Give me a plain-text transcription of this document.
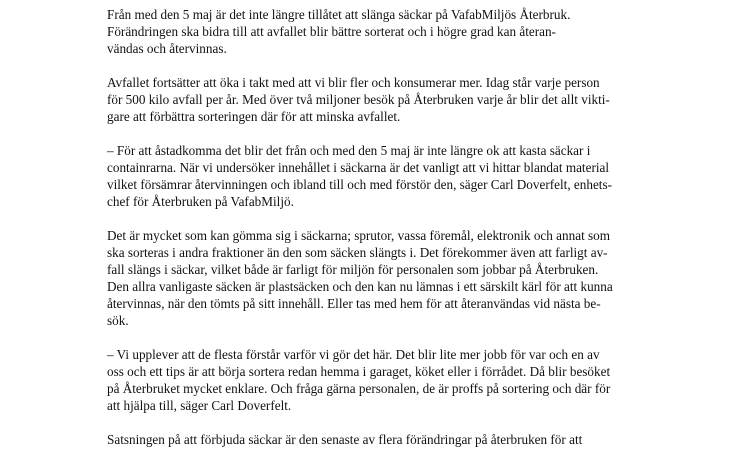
Från med den 5 maj är det inte längre tillåtet att slänga säckar på VafabMiljös Återbruk.
Förändringen ska bidra till att avfallet blir bättre sorterat och i högre grad kan återan-
vändas och återvinnas.

Avfallet fortsätter att öka i takt med att vi blir fler och konsumerar mer. Idag står varje person
för 500 kilo avfall per år. Med över två miljoner besök på Återbruken varje år blir det allt vikti-
gare att förbättra sorteringen där för att minska avfallet.

– För att åstadkomma det blir det från och med den 5 maj är inte längre ok att kasta säckar i
containrarna. När vi undersöker innehållet i säckarna är det vanligt att vi hittar blandat material
vilket försämrar återvinningen och ibland till och med förstör den, säger Carl Doverfelt, enhets-
chef för Återbruken på VafabMiljö.

Det är mycket som kan gömma sig i säckarna; sprutor, vassa föremål, elektronik och annat som
ska sorteras i andra fraktioner än den som säcken slängts i. Det förekommer även att farligt av-
fall slängs i säckar, vilket både är farligt för miljön för personalen som jobbar på Återbruken.
Den allra vanligaste säcken är plastsäcken och den kan nu lämnas i ett särskilt kärl för att kunna
återvinnas, när den tömts på sitt innehåll. Eller tas med hem för att återanvändas vid nästa be-
sök.

– Vi upplever att de flesta förstår varför vi gör det här. Det blir lite mer jobb för var och en av
oss och ett tips är att börja sortera redan hemma i garaget, köket eller i förrådet. Då blir besöket
på Återbruket mycket enklare. Och fråga gärna personalen, de är proffs på sortering och där för
att hjälpa till, säger Carl Doverfelt.

Satsningen på att förbjuda säckar är den senaste av flera förändringar på återbruken för att
